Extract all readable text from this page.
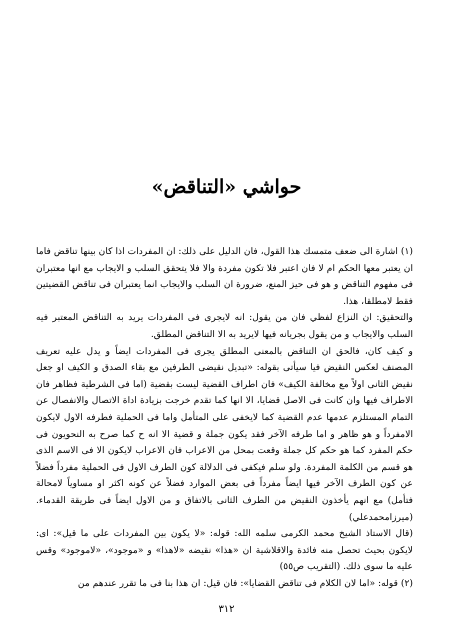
حواشي «التناقض»

(١) اشارة الى ضعف متمسك هذا القول، فان الدليل على ذلك: ان المفردات اذا كان بينها تناقض فاما ان يعتبر معها الحكم ام لا فان اعتبر فلا تكون مفردة والا فلا يتحقق السلب و الايجاب مع انها معتبران فى مفهوم التناقض و هو فى حيز المنع، ضرورة ان السلب والايجاب انما يعتبران فى تناقض القضيتين فقط لامطلقا، هذا.

والتحقيق: ان النزاع لفظي فان من يقول: انه لايجرى فى المفردات يريد به التناقض المعتبر فيه السلب والايجاب و من يقول بجريانه فيها لايريد به الا التناقض المطلق.

و كيف كان، فالحق ان التناقض بالمعنى المطلق يجرى فى المفردات ايضاً و يدل عليه تعريف المصنف لعكس النقيض فيا سيأتى بقوله: «تبديل نقيضى الطرفين مع بقاء الصدق و الكيف او جعل نقيض الثانى اولاً مع مخالفة الكيف» فان اطراف القضية ليست بقضية (اما فى الشرطية فظاهر فان الاطراف فيها وان كانت فى الاصل قضايا، الا انها كما تقدم خرجت بزيادة اداة الاتصال والانفصال عن التمام المستلزم عدمها عدم القضية كما لايخفى على المتأمل واما فى الحملية فطرفه الاول لايكون الامفرداً و هو ظاهر و اما طرفه الآخر فقد يكون جملة و قضية الا انه ح كما صرح به النحويون فى حكم المفرد كما هو حكم كل جملة وقعت بمحل من الاعراب فان الاعراب لايكون الا فى الاسم الذى هو قسم من الكلمة المفردة. ولو سلم فيكفى فى الدلالة كون الطرف الاول فى الحملية مفرداً فضلاً عن كون الطرف الآخر فيها ايضاً مفرداً فى بعض الموارد فضلاً عن كونه اكثر او مساوياً لامحالة فتأمل) مع انهم يأخذون النقيض من الطرف الثانى بالاتفاق و من الاول ايضاً فى طريقة القدماء. (ميرزامحمدعلي)

(قال الاستاذ الشيخ محمد الكرمى سلمه الله: قوله: «لا يكون بين المفردات على ما قيل»: اى: لايكون بحيث تحصل منه فائدة والاقلاشية ان «هذا» نقيضه «لاهذا» و «موجود»، «لاموجود» وقس عليه ما سوى ذلك. (التقريب ص٥٥)

(٢) قوله: «اما لان الكلام فى تناقض القضايا»: فان قيل: ان هذا بنا فى ما تقرر عندهم من

٣١٢
